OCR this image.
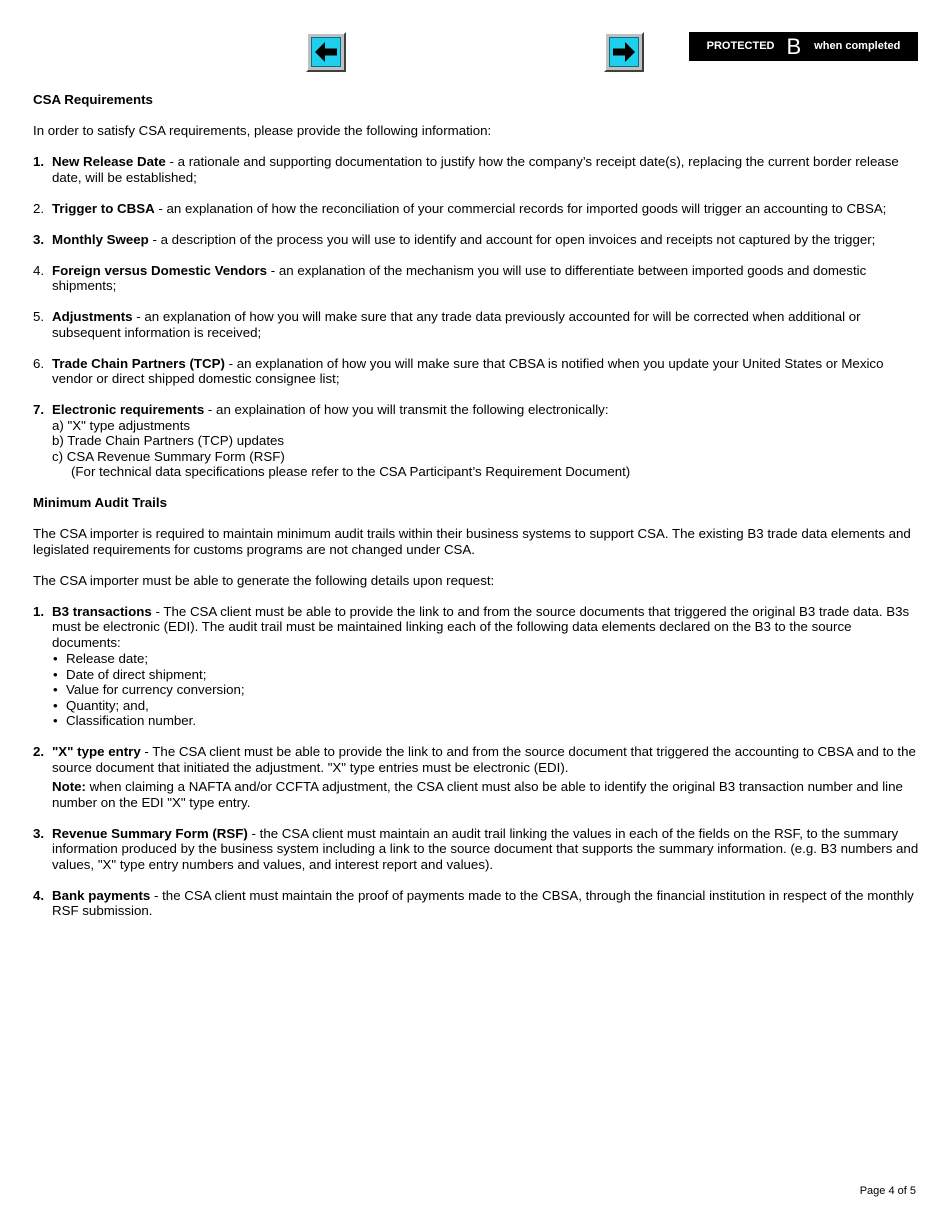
PROTECTED B when completed

CSA Requirements

In order to satisfy CSA requirements, please provide the following information:

1. New Release Date - a rationale and supporting documentation to justify how the company’s receipt date(s), replacing the current border release date, will be established;
2. Trigger to CBSA - an explanation of how the reconciliation of your commercial records for imported goods will trigger an accounting to CBSA;
3. Monthly Sweep - a description of the process you will use to identify and account for open invoices and receipts not captured by the trigger;
4. Foreign versus Domestic Vendors - an explanation of the mechanism you will use to differentiate between imported goods and domestic shipments;
5. Adjustments - an explanation of how you will make sure that any trade data previously accounted for will be corrected when additional or subsequent information is received;
6. Trade Chain Partners (TCP) - an explanation of how you will make sure that CBSA is notified when you update your United States or Mexico vendor or direct shipped domestic consignee list;
7. Electronic requirements - an explaination of how you will transmit the following electronically:

a) "X" type adjustments

b) Trade Chain Partners (TCP) updates

c) CSA Revenue Summary Form (RSF)

(For technical data specifications please refer to the CSA Participant’s Requirement Document)

Minimum Audit Trails

The CSA importer is required to maintain minimum audit trails within their business systems to support CSA. The existing B3 trade data elements and legislated requirements for customs programs are not changed under CSA.

The CSA importer must be able to generate the following details upon request:

1. B3 transactions - The CSA client must be able to provide the link to and from the source documents that triggered the original B3 trade data. B3s must be electronic (EDI). The audit trail must be maintained linking each of the following data elements declared on the B3 to the source documents:
• Release date;
• Date of direct shipment;
• Value for currency conversion;
• Quantity; and,
• Classification number.
2. "X" type entry - The CSA client must be able to provide the link to and from the source document that triggered the accounting to CBSA and to the source document that initiated the adjustment. "X" type entries must be electronic (EDI).

Note: when claiming a NAFTA and/or CCFTA adjustment, the CSA client must also be able to identify the original B3 transaction number and line number on the EDI "X" type entry.

3. Revenue Summary Form (RSF) - the CSA client must maintain an audit trail linking the values in each of the fields on the RSF, to the summary information produced by the business system including a link to the source document that supports the summary information. (e.g. B3 numbers and values, "X" type entry numbers and values, and interest report and values).
4. Bank payments - the CSA client must maintain the proof of payments made to the CBSA, through the financial institution in respect of the monthly RSF submission.
Page 4 of 5
